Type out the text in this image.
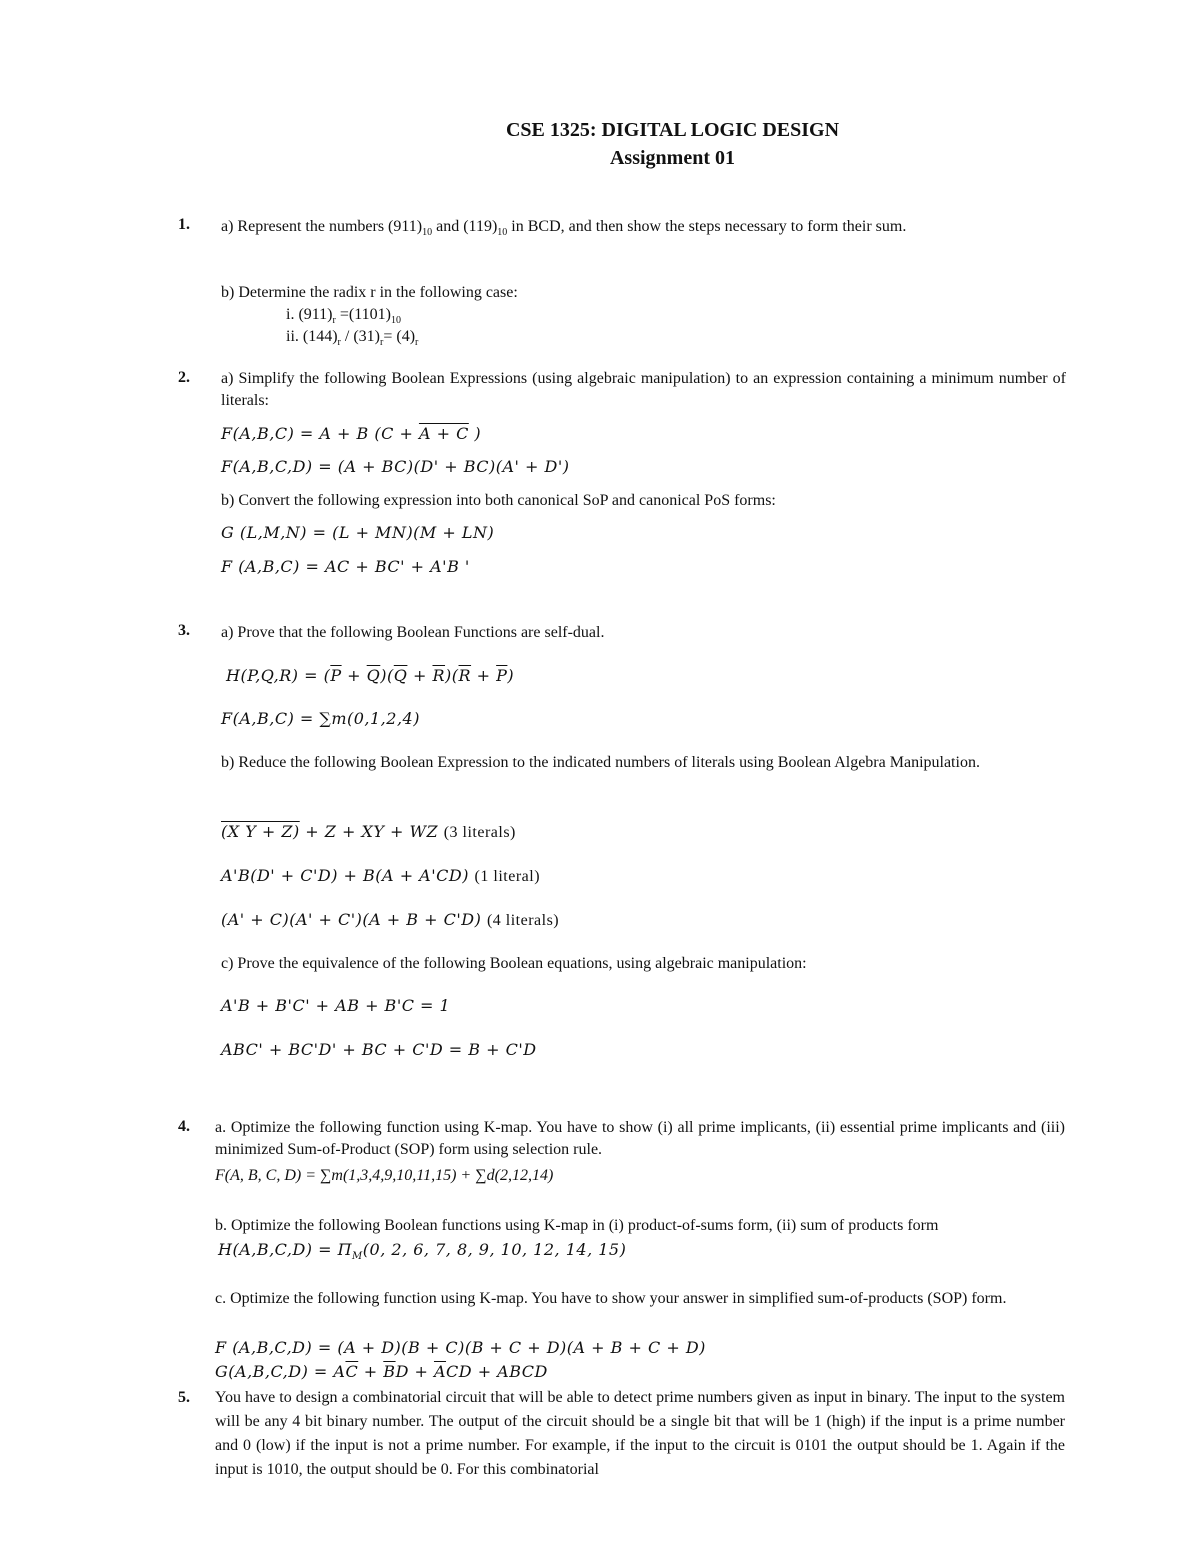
CSE 1325: DIGITAL LOGIC DESIGN
Assignment 01
1. a) Represent the numbers $(911)_{10}$ and $(119)_{10}$ in BCD, and then show the steps necessary to form their sum.
b) Determine the radix r in the following case:
i. $(911)_r =(1101)_{10}$
ii. $(144)_r / (31)_r= (4)_r$
2. a) Simplify the following Boolean Expressions (using algebraic manipulation) to an expression containing a minimum number of literals:
F(A,B,C) = A + B (C + A + C )
F(A,B,C,D) = (A + BC)(D' + BC)(A' + D')
b) Convert the following expression into both canonical SoP and canonical PoS forms:
G (L,M,N) = (L + MN)(M + LN)
F (A,B,C) = AC + BC' + A'B '
3. a) Prove that the following Boolean Functions are self-dual.
$H(P,Q,R) = (\overline{P} + \overline{Q})(\overline{Q} + \overline{R})(\overline{R} + \overline{P})$
F(A,B,C) = ∑m(0,1,2,4)
b) Reduce the following Boolean Expression to the indicated numbers of literals using Boolean Algebra Manipulation.
(X Y + Z) + Z + XY + WZ (3 literals)
A'B(D' + C'D) + B(A + A'CD) (1 literal)
(A' + C)(A' + C')(A + B + C'D) (4 literals)
c) Prove the equivalence of the following Boolean equations, using algebraic manipulation:
A'B + B'C' + AB + B'C = 1
ABC' + BC'D' + BC + C'D = B + C'D
4. a. Optimize the following function using K-map. You have to show (i) all prime implicants, (ii) essential prime implicants and (iii) minimized Sum-of-Product (SOP) form using selection rule.
F(A, B, C, D) = ∑m(1,3,4,9,10,11,15) + ∑d(2,12,14)
b. Optimize the following Boolean functions using K-map in (i) product-of-sums form, (ii) sum of products form
$H(A,B,C,D) = \Pi_M(0$, 2, 6, 7, 8, 9, 10, 12, 14, 15)
c. Optimize the following function using K-map. You have to show your answer in simplified sum-of-products (SOP) form.
F (A,B,C,D) = (A + D)(B + C)(B + C + D)(A + B + C + D)
$G(A,B,C,D) = A\overline{C} + \overline{B}D + \overline{A}CD$ + ABCD
5. You have to design a combinatorial circuit that will be able to detect prime numbers given as input in binary. The input to the system will be any 4 bit binary number. The output of the circuit should be a single bit that will be 1 (high) if the input is a prime number and 0 (low) if the input is not a prime number. For example, if the input to the circuit is 0101 the output should be 1. Again if the input is 1010, the output should be 0. For this combinatorial
